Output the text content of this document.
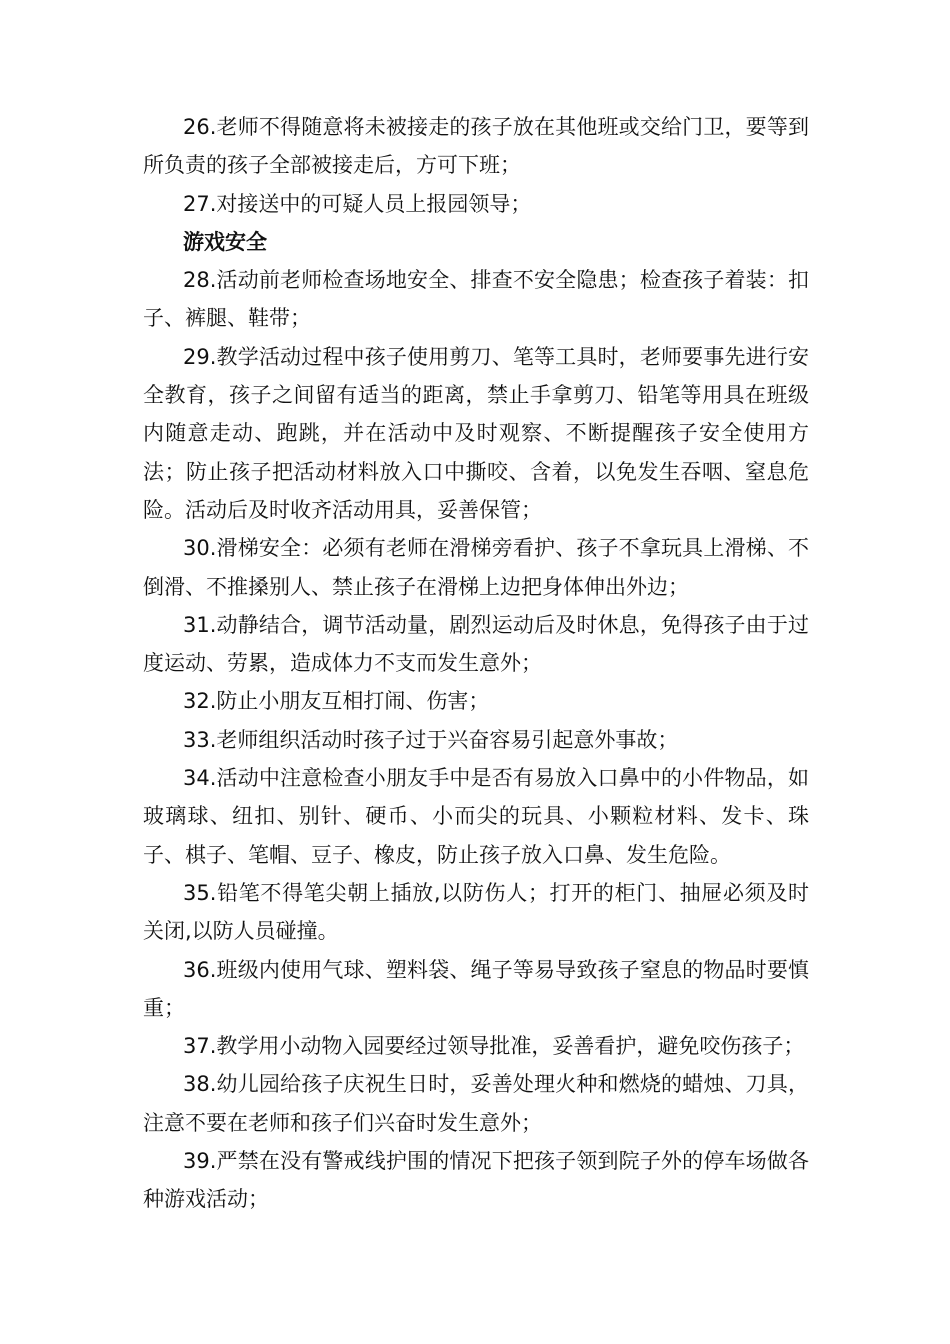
26.老师不得随意将未被接走的孩子放在其他班或交给门卫，要等到所负责的孩子全部被接走后，方可下班；

27.对接送中的可疑人员上报园领导；

游戏安全

28.活动前老师检查场地安全、排查不安全隐患；检查孩子着装：扣子、裤腿、鞋带；

29.教学活动过程中孩子使用剪刀、笔等工具时，老师要事先进行安全教育，孩子之间留有适当的距离，禁止手拿剪刀、铅笔等用具在班级内随意走动、跑跳，并在活动中及时观察、不断提醒孩子安全使用方法；防止孩子把活动材料放入口中撕咬、含着，以免发生吞咽、窒息危险。活动后及时收齐活动用具，妥善保管；

30.滑梯安全：必须有老师在滑梯旁看护、孩子不拿玩具上滑梯、不倒滑、不推搡别人、禁止孩子在滑梯上边把身体伸出外边；

31.动静结合，调节活动量，剧烈运动后及时休息，免得孩子由于过度运动、劳累，造成体力不支而发生意外；

32.防止小朋友互相打闹、伤害；

33.老师组织活动时孩子过于兴奋容易引起意外事故；

34.活动中注意检查小朋友手中是否有易放入口鼻中的小件物品，如玻璃球、纽扣、别针、硬币、小而尖的玩具、小颗粒材料、发卡、珠子、棋子、笔帽、豆子、橡皮，防止孩子放入口鼻、发生危险。

35.铅笔不得笔尖朝上插放,以防伤人；打开的柜门、抽屉必须及时关闭,以防人员碰撞。

36.班级内使用气球、塑料袋、绳子等易导致孩子窒息的物品时要慎重；

37.教学用小动物入园要经过领导批准，妥善看护，避免咬伤孩子；

38.幼儿园给孩子庆祝生日时，妥善处理火种和燃烧的蜡烛、刀具，注意不要在老师和孩子们兴奋时发生意外；

39.严禁在没有警戒线护围的情况下把孩子领到院子外的停车场做各种游戏活动；
